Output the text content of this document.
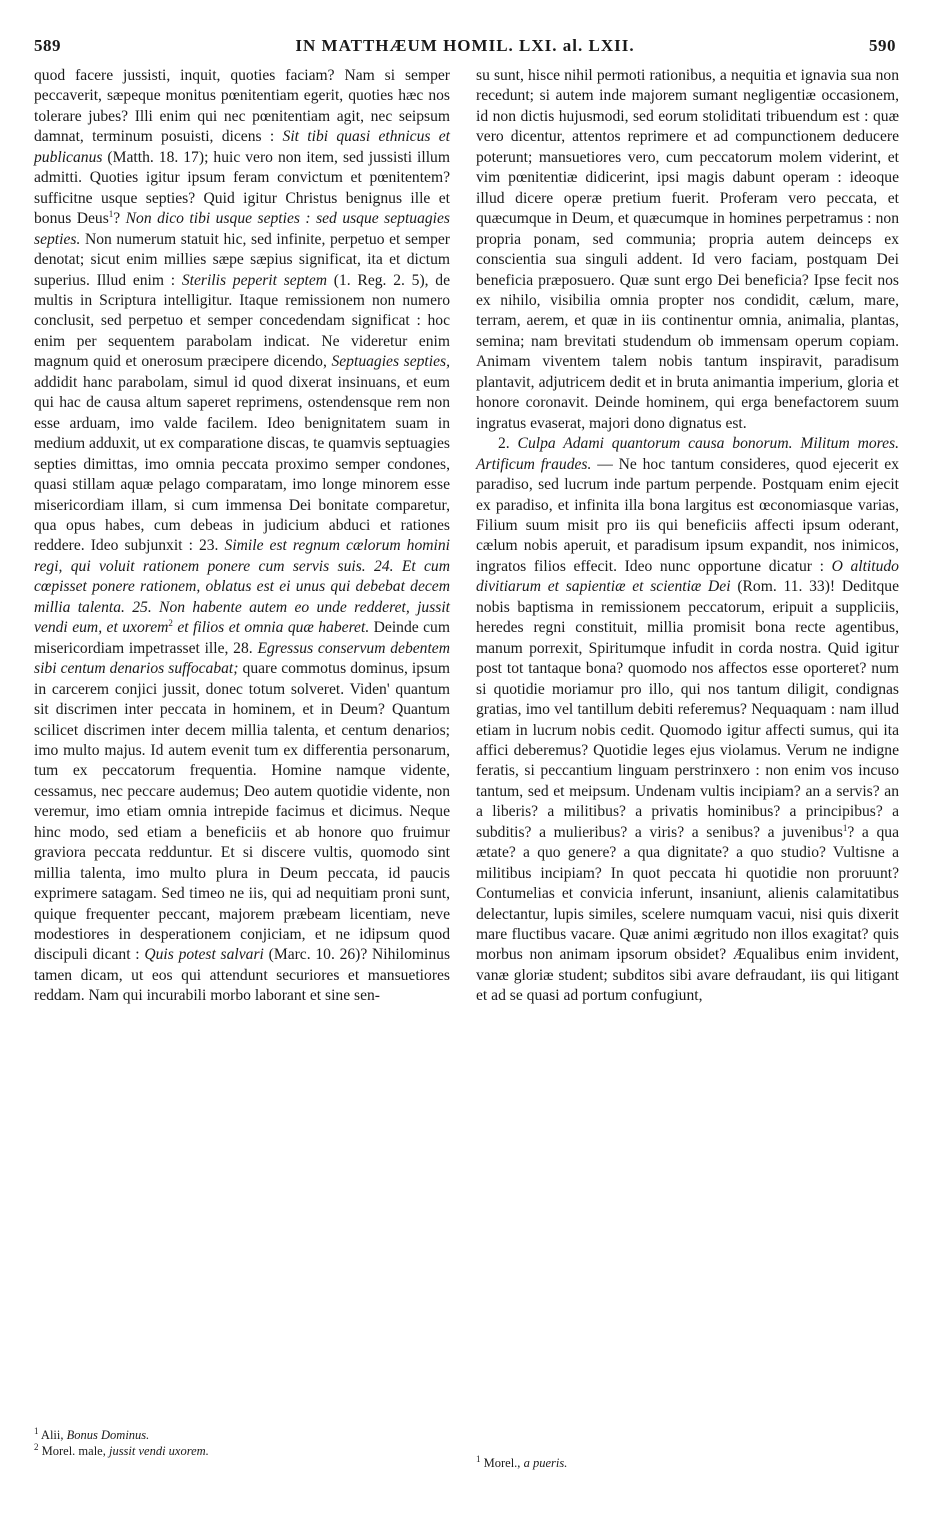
589	IN MATTHÆUM HOMIL. LXI. al. LXII.	590

quod facere jussisti, inquit, quoties faciam? Nam si semper peccaverit, sæpeque monitus pœnitentiam egerit, quoties hæc nos tolerare jubes? Illi enim qui nec pœnitentiam agit, nec seipsum damnat, terminum posuisti, dicens : Sit tibi quasi ethnicus et publicanus (Matth. 18. 17); huic vero non item, sed jussisti illum admitti. Quoties igitur ipsum feram convictum et pœnitentem? sufficitne usque septies? Quid igitur Christus benignus ille et bonus Deus$^1$? Non dico tibi usque septies : sed usque septuagies septies. Non numerum statuit hic, sed infinite, perpetuo et semper denotat; sicut enim millies sæpe sæpius significat, ita et dictum superius. Illud enim : Sterilis peperit septem (1. Reg. 2. 5), de multis in Scriptura intelligitur. Itaque remissionem non numero conclusit, sed perpetuo et semper concedendam significat : hoc enim per sequentem parabolam indicat. Ne videretur enim magnum quid et onerosum præcipere dicendo, Septuagies septies, addidit hanc parabolam, simul id quod dixerat insinuans, et eum qui hac de causa altum saperet reprimens, ostendensque rem non esse arduam, imo valde facilem. Ideo benignitatem suam in medium adduxit, ut ex comparatione discas, te quamvis septuagies septies dimittas, imo omnia peccata proximo semper condones, quasi stillam aquæ pelago comparatam, imo longe minorem esse misericordiam illam, si cum immensa Dei bonitate comparetur, qua opus habes, cum debeas in judicium abduci et rationes reddere. Ideo subjunxit : 23. Simile est regnum cælorum homini regi, qui voluit rationem ponere cum servis suis. 24. Et cum cœpisset ponere rationem, oblatus est ei unus qui debebat decem millia talenta. 25. Non habente autem eo unde redderet, jussit vendi eum, et uxorem$^2$ et filios et omnia quæ haberet. Deinde cum misericordiam impetrasset ille, 28. Egressus conservum debentem sibi centum denarios suffocabat; quare commotus dominus, ipsum in carcerem conjici jussit, donec totum solveret. Viden' quantum sit discrimen inter peccata in hominem, et in Deum? Quantum scilicet discrimen inter decem millia talenta, et centum denarios; imo multo majus. Id autem evenit tum ex differentia personarum, tum ex peccatorum frequentia. Homine namque vidente, cessamus, nec peccare audemus; Deo autem quotidie vidente, non veremur, imo etiam omnia intrepide facimus et dicimus. Neque hinc modo, sed etiam a beneficiis et ab honore quo fruimur graviora peccata redduntur. Et si discere vultis, quomodo sint millia talenta, imo multo plura in Deum peccata, id paucis exprimere satagam. Sed timeo ne iis, qui ad nequitiam proni sunt, quique frequenter peccant, majorem præbeam licentiam, neve modestiores in desperationem conjiciam, et ne idipsum quod discipuli dicant : Quis potest salvari (Marc. 10. 26)? Nihilominus tamen dicam, ut eos qui attendunt securiores et mansuetiores reddam. Nam qui incurabili morbo laborant et sine sen-

su sunt, hisce nihil permoti rationibus, a nequitia et ignavia sua non recedunt; si autem inde majorem sumant negligentiæ occasionem, id non dictis hujusmodi, sed eorum stoliditati tribuendum est : quæ vero dicentur, attentos reprimere et ad compunctionem deducere poterunt; mansuetiores vero, cum peccatorum molem viderint, et vim pœnitentiæ didicerint, ipsi magis dabunt operam : ideoque illud dicere operæ pretium fuerit. Proferam vero peccata, et quæcumque in Deum, et quæcumque in homines perpetramus : non propria ponam, sed communia; propria autem deinceps ex conscientia sua singuli addent. Id vero faciam, postquam Dei beneficia præposuero. Quæ sunt ergo Dei beneficia? Ipse fecit nos ex nihilo, visibilia omnia propter nos condidit, cælum, mare, terram, aerem, et quæ in iis continentur omnia, animalia, plantas, semina; nam brevitati studendum ob immensam operum copiam. Animam viventem talem nobis tantum inspiravit, paradisum plantavit, adjutricem dedit et in bruta animantia imperium, gloria et honore coronavit. Deinde hominem, qui erga benefactorem suum ingratus evaserat, majori dono dignatus est.

2. Culpa Adami quantorum causa bonorum. Militum mores. Artificum fraudes. — Ne hoc tantum consideres, quod ejecerit ex paradiso, sed lucrum inde partum perpende. Postquam enim ejecit ex paradiso, et infinita illa bona largitus est œconomiasque varias, Filium suum misit pro iis qui beneficiis affecti ipsum oderant, cælum nobis aperuit, et paradisum ipsum expandit, nos inimicos, ingratos filios effecit. Ideo nunc opportune dicatur : O altitudo divitiarum et sapientiæ et scientiæ Dei (Rom. 11. 33)! Deditque nobis baptisma in remissionem peccatorum, eripuit a suppliciis, heredes regni constituit, millia promisit bona recte agentibus, manum porrexit, Spiritumque infudit in corda nostra. Quid igitur post tot tantaque bona? quomodo nos affectos esse oporteret? num si quotidie moriamur pro illo, qui nos tantum diligit, condignas gratias, imo vel tantillum debiti referemus? Nequaquam : nam illud etiam in lucrum nobis cedit. Quomodo igitur affecti sumus, qui ita affici deberemus? Quotidie leges ejus violamus. Verum ne indigne feratis, si peccantium linguam perstrinxero : non enim vos incuso tantum, sed et meipsum. Undenam vultis incipiam? an a servis? an a liberis? a militibus? a privatis hominibus? a principibus? a subditis? a mulieribus? a viris? a senibus? a juvenibus$^1$? a qua ætate? a quo genere? a qua dignitate? a quo studio? Vultisne a militibus incipiam? In quot peccata hi quotidie non proruunt? Contumelias et convicia inferunt, insaniunt, alienis calamitatibus delectantur, lupis similes, scelere numquam vacui, nisi quis dixerit mare fluctibus vacare. Quæ animi ægritudo non illos exagitat? quis morbus non animam ipsorum obsidet? Æqualibus enim invident, vanæ gloriæ student; subditos sibi avare defraudant, iis qui litigant et ad se quasi ad portum confugiunt,

$^1$ Alii, Bonus Dominus.
$^2$ Morel. male, jussit vendi uxorem.
$^1$ Morel., a pueris.
